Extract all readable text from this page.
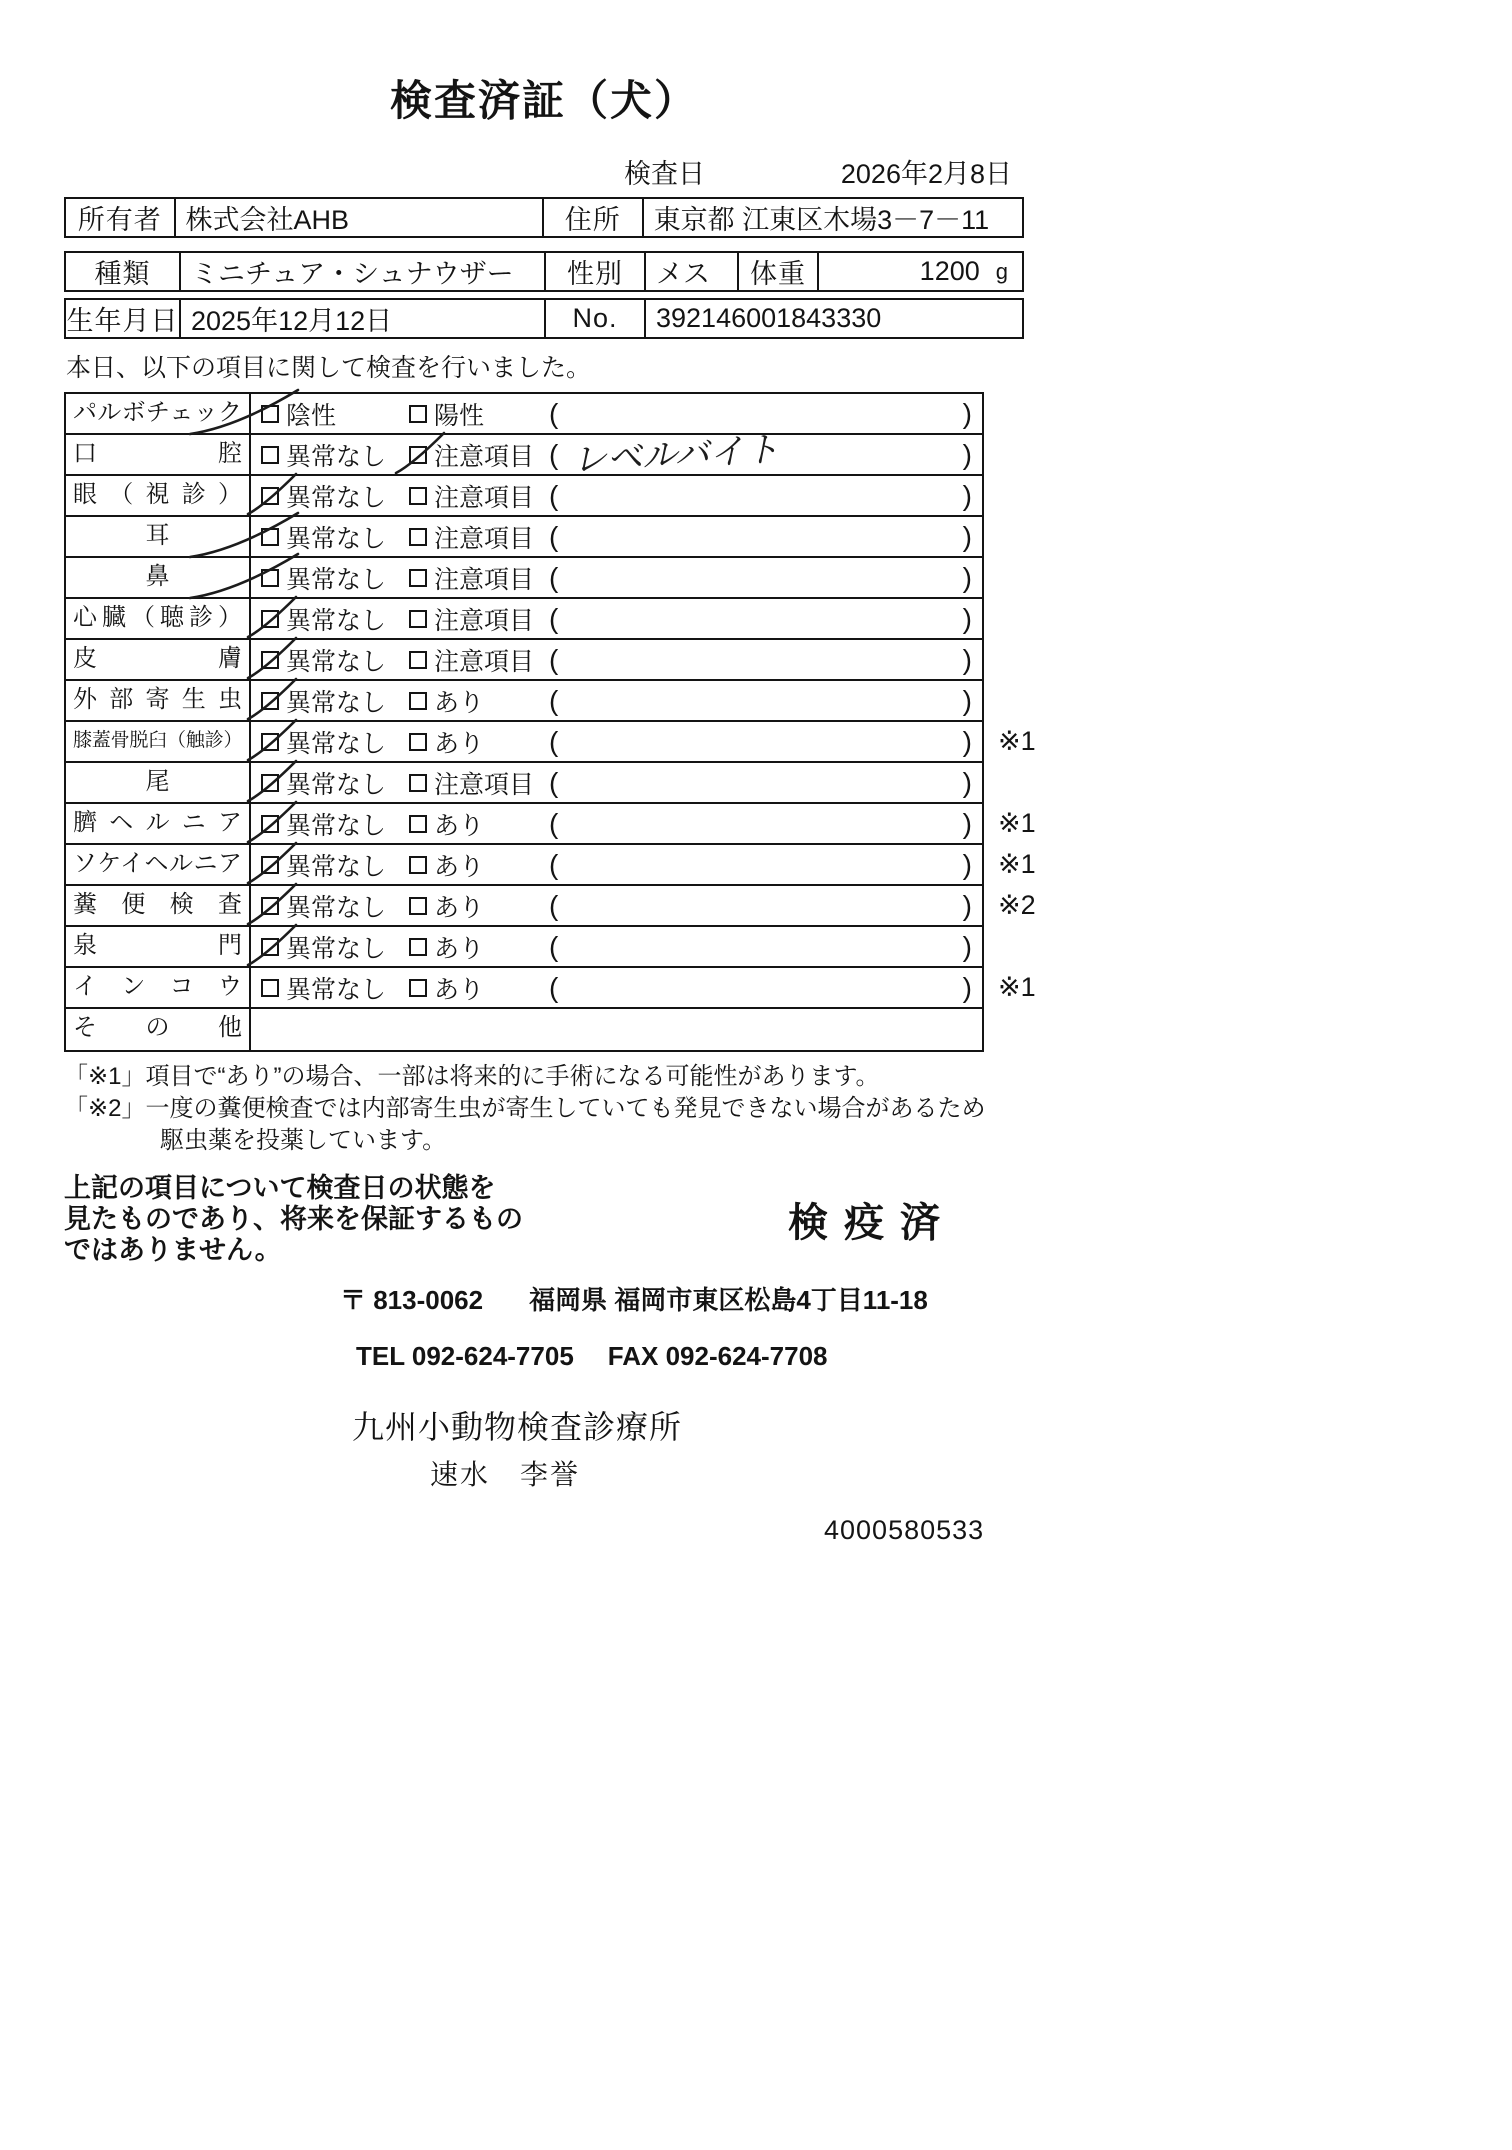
検査済証（犬）
検査日	2026年2月8日
所有者 株式会社AHB	住所	東京都 江東区木場3－7－11
種類	ミニチュア・シュナウザー	性別	メス	体重	1200 g
生年月日 2025年12月12日	No.	392146001843330

本日、以下の項目に関して検査を行いました。

パルボチェック	陰性	陽性 (	)
口腔	異常なし 注意項目 ( レベルバイト	)
眼（視診）	異常なし 注意項目 (	)
耳	異常なし 注意項目 (	)
鼻	異常なし 注意項目 (	)
心臓（聴診）	異常なし 注意項目 (	)
皮膚	異常なし 注意項目 (	)
外部寄生虫	異常なし あり (	)
膝蓋骨脱臼（触診）	異常なし あり (	) ※1
尾	異常なし 注意項目 (	)
臍ヘルニア	異常なし あり (	) ※1
ソケイヘルニア	異常なし あり (	) ※1
糞便検査	異常なし あり (	) ※2
泉門	異常なし あり (	)
インコウ	異常なし あり (	) ※1
その他

「※1」項目で“あり”の場合、一部は将来的に手術になる可能性があります。

「※2」一度の糞便検査では内部寄生虫が寄生していても発見できない場合があるため

駆虫薬を投薬しています。

上記の項目について検査日の状態を

見たものであり、将来を保証するもの

ではありません。

検疫済
〒 813-0062 福岡県 福岡市東区松島4丁目11-18
TEL 092-624-7705 FAX 092-624-7708
九州小動物検査診療所
速水　李誉
4000580533
